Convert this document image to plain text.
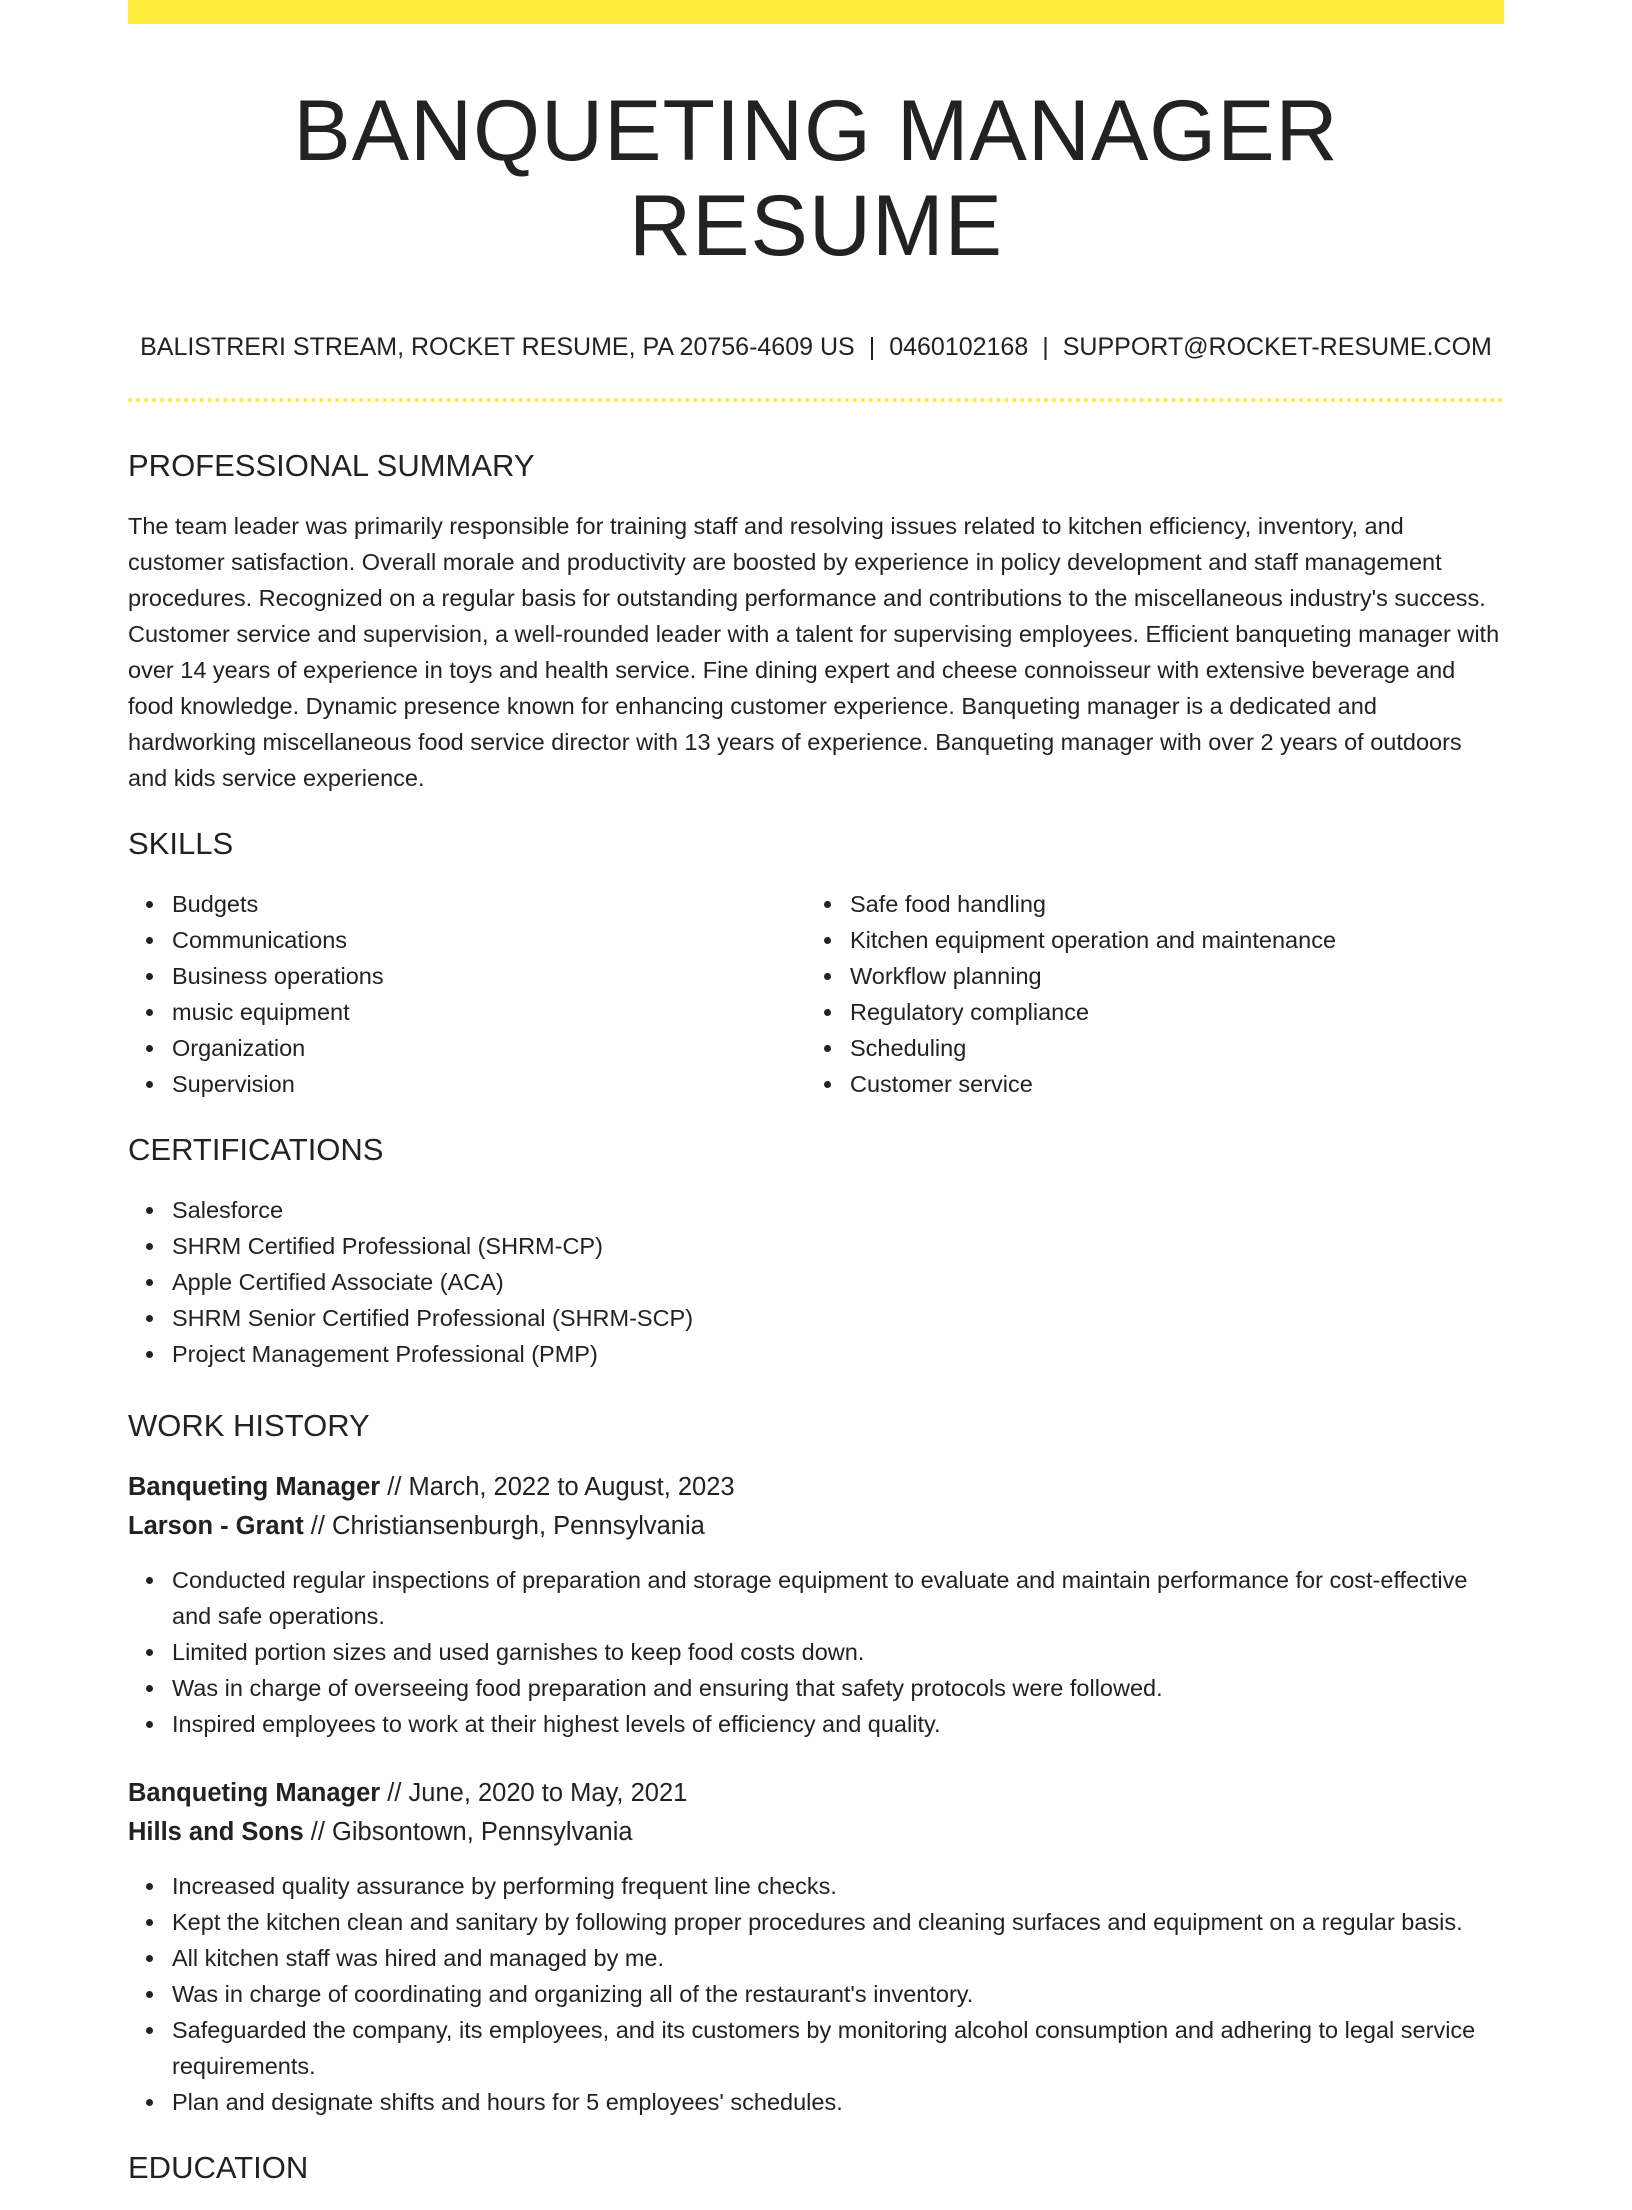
BANQUETING MANAGER RESUME
BALISTRERI STREAM, ROCKET RESUME, PA 20756-4609 US | 0460102168 | SUPPORT@ROCKET-RESUME.COM
PROFESSIONAL SUMMARY

The team leader was primarily responsible for training staff and resolving issues related to kitchen efficiency, inventory, and customer satisfaction. Overall morale and productivity are boosted by experience in policy development and staff management procedures. Recognized on a regular basis for outstanding performance and contributions to the miscellaneous industry's success. Customer service and supervision, a well-rounded leader with a talent for supervising employees. Efficient banqueting manager with over 14 years of experience in toys and health service. Fine dining expert and cheese connoisseur with extensive beverage and food knowledge. Dynamic presence known for enhancing customer experience. Banqueting manager is a dedicated and hardworking miscellaneous food service director with 13 years of experience. Banqueting manager with over 2 years of outdoors and kids service experience.

SKILLS
Budgets
Communications
Business operations
music equipment
Organization
Supervision
Safe food handling
Kitchen equipment operation and maintenance
Workflow planning
Regulatory compliance
Scheduling
Customer service
CERTIFICATIONS
Salesforce
SHRM Certified Professional (SHRM-CP)
Apple Certified Associate (ACA)
SHRM Senior Certified Professional (SHRM-SCP)
Project Management Professional (PMP)
WORK HISTORY
Banqueting Manager // March, 2022 to August, 2023
Larson - Grant // Christiansenburgh, Pennsylvania
Conducted regular inspections of preparation and storage equipment to evaluate and maintain performance for cost-effective and safe operations.
Limited portion sizes and used garnishes to keep food costs down.
Was in charge of overseeing food preparation and ensuring that safety protocols were followed.
Inspired employees to work at their highest levels of efficiency and quality.
Banqueting Manager // June, 2020 to May, 2021
Hills and Sons // Gibsontown, Pennsylvania
Increased quality assurance by performing frequent line checks.
Kept the kitchen clean and sanitary by following proper procedures and cleaning surfaces and equipment on a regular basis.
All kitchen staff was hired and managed by me.
Was in charge of coordinating and organizing all of the restaurant's inventory.
Safeguarded the company, its employees, and its customers by monitoring alcohol consumption and adhering to legal service requirements.
Plan and designate shifts and hours for 5 employees' schedules.
EDUCATION
